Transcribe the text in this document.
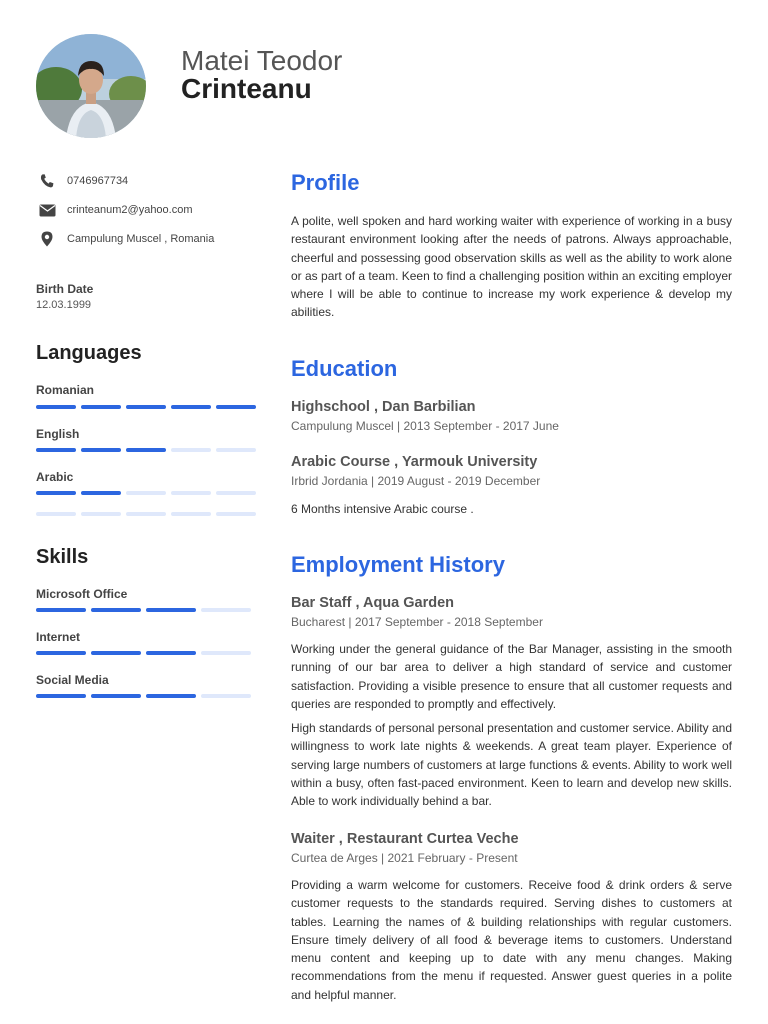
Matei Teodor
Crinteanu
0746967734
crinteanum2@yahoo.com
Campulung Muscel , Romania
Birth Date
12.03.1999
Languages
Romanian
English
Arabic
Skills
Microsoft Office
Internet
Social Media
Profile
A polite, well spoken and hard working waiter with experience of working in a busy restaurant environment looking after the needs of patrons. Always approachable, cheerful and possessing good observation skills as well as the ability to work alone or as part of a team. Keen to find a challenging position within an exciting employer where I will be able to continue to increase my work experience & develop my abilities.
Education
Highschool , Dan Barbilian
Campulung Muscel | 2013 September - 2017 June
Arabic Course , Yarmouk University
Irbrid Jordania | 2019 August - 2019 December
6 Months intensive Arabic course .
Employment History
Bar Staff , Aqua Garden
Bucharest | 2017 September - 2018 September
Working under the general guidance of the Bar Manager, assisting in the smooth running of our bar area to deliver a high standard of service and customer satisfaction. Providing a visible presence to ensure that all customer requests and queries are responded to promptly and effectively.
High standards of personal personal presentation and customer service. Ability and willingness to work late nights & weekends. A great team player. Experience of serving large numbers of customers at large functions & events. Ability to work well within a busy, often fast-paced environment. Keen to learn and develop new skills. Able to work individually behind a bar.
Waiter , Restaurant Curtea Veche
Curtea de Arges | 2021 February - Present
Providing a warm welcome for customers. Receive food & drink orders & serve customer requests to the standards required. Serving dishes to customers at tables. Learning the names of & building relationships with regular customers. Ensure timely delivery of all food & beverage items to customers. Understand menu content and keeping up to date with any menu changes. Making recommendations from the menu if requested. Answer guest queries in a polite and helpful manner.
